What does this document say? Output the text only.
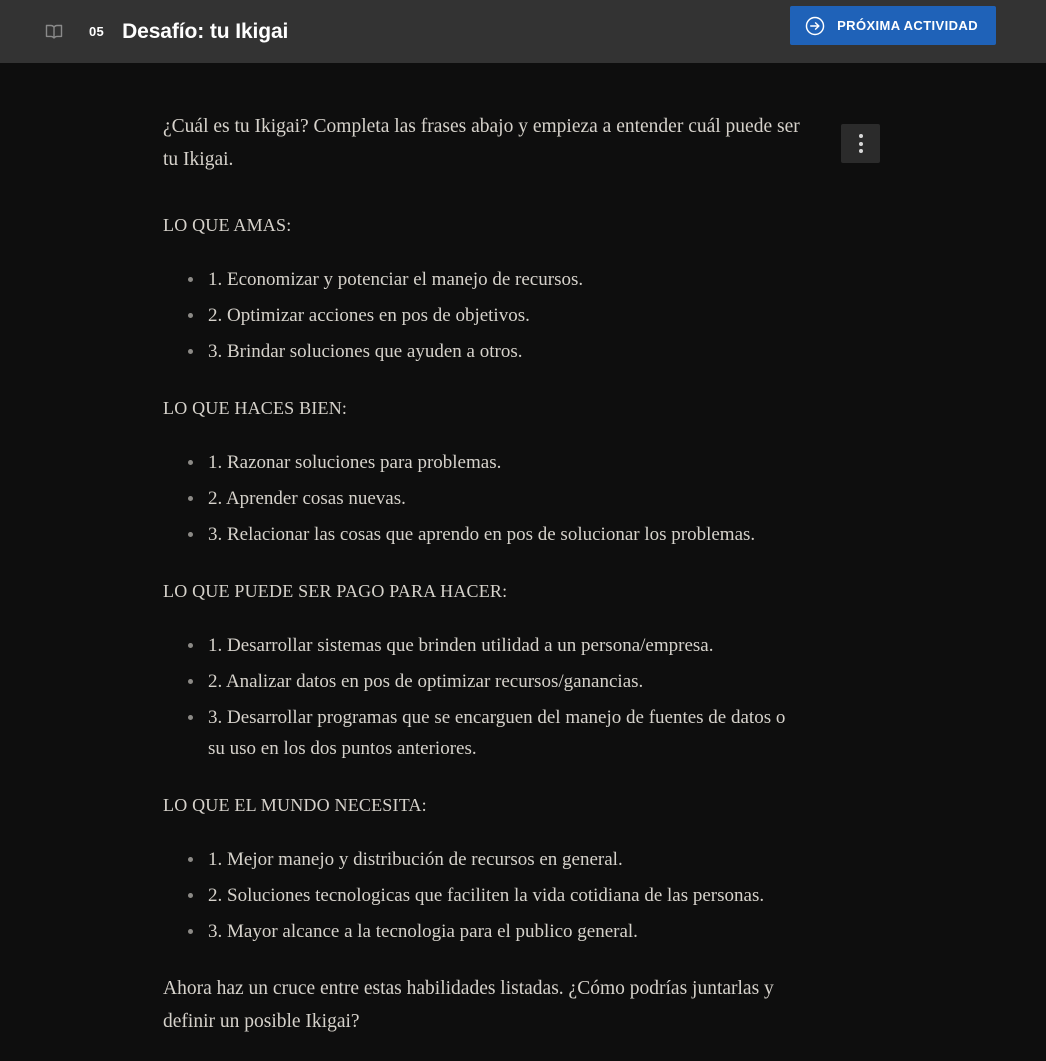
05 Desafío: tu Ikigai	PRÓXIMA ACTIVIDAD

¿Cuál es tu Ikigai? Completa las frases abajo y empieza a entender cuál puede ser tu Ikigai.

LO QUE AMAS:

1. Economizar y potenciar el manejo de recursos.
2. Optimizar acciones en pos de objetivos.
3. Brindar soluciones que ayuden a otros.

LO QUE HACES BIEN:

1. Razonar soluciones para problemas.
2. Aprender cosas nuevas.
3. Relacionar las cosas que aprendo en pos de solucionar los problemas.

LO QUE PUEDE SER PAGO PARA HACER:

1. Desarrollar sistemas que brinden utilidad a un persona/empresa.
2. Analizar datos en pos de optimizar recursos/ganancias.
3. Desarrollar programas que se encarguen del manejo de fuentes de datos o su uso en los dos puntos anteriores.

LO QUE EL MUNDO NECESITA:

1. Mejor manejo y distribución de recursos en general.
2. Soluciones tecnologicas que faciliten la vida cotidiana de las personas.
3. Mayor alcance a la tecnologia para el publico general.

Ahora haz un cruce entre estas habilidades listadas. ¿Cómo podrías juntarlas y definir un posible Ikigai?
